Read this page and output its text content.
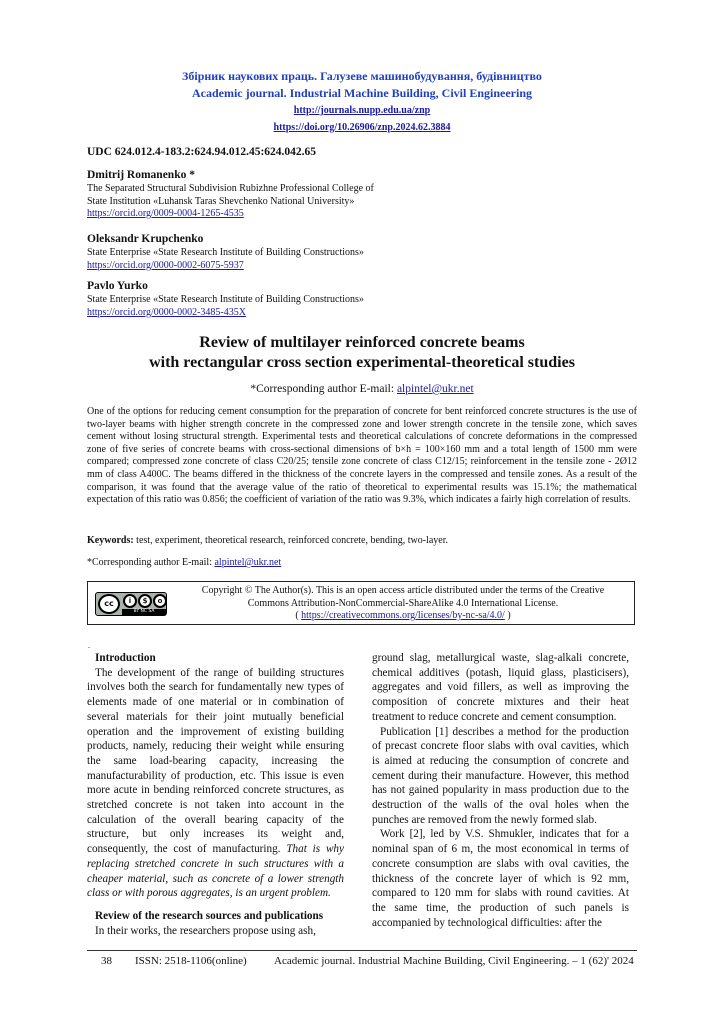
Збірник наукових праць. Галузеве машинобудування, будівництво
Academic journal. Industrial Machine Building, Civil Engineering
http://journals.nupp.edu.ua/znp
https://doi.org/10.26906/znp.2024.62.3884
UDC 624.012.4-183.2:624.94.012.45:624.042.65
Dmitrij Romanenko *
The Separated Structural Subdivision Rubizhne Professional College of
State Institution «Luhansk Taras Shevchenko National University»
https://orcid.org/0009-0004-1265-4535
Oleksandr Krupchenko
State Enterprise «State Research Institute of Building Constructions»
https://orcid.org/0000-0002-6075-5937
Pavlo Yurko
State Enterprise «State Research Institute of Building Constructions»
https://orcid.org/0000-0002-3485-435X
Review of multilayer reinforced concrete beams
with rectangular cross section experimental-theoretical studies
*Corresponding author E-mail: alpintel@ukr.net
One of the options for reducing cement consumption for the preparation of concrete for bent reinforced concrete structures is the use of two-layer beams with higher strength concrete in the compressed zone and lower strength concrete in the tensile zone, which saves cement without losing structural strength. Experimental tests and theoretical calculations of concrete deformations in the compressed zone of five series of concrete beams with cross-sectional dimensions of b×h = 100×160 mm and a total length of 1500 mm were compared; compressed zone concrete of class C20/25; tensile zone concrete of class C12/15; reinforcement in the tensile zone - 2Ø12 mm of class A400C. The beams differed in the thickness of the concrete layers in the compressed and tensile zones. As a result of the comparison, it was found that the average value of the ratio of theoretical to experimental results was 15.1%; the mathematical expectation of this ratio was 0.856; the coefficient of variation of the ratio was 9.3%, which indicates a fairly high correlation of results.
Keywords: test, experiment, theoretical research, reinforced concrete, bending, two-layer.
*Corresponding author E-mail: alpintel@ukr.net
cc	i	$	o
BY NC SA
Copyright © The Author(s). This is an open access article distributed under the terms of the Creative
Commons Attribution-NonCommercial-ShareAlike 4.0 International License.
( https://creativecommons.org/licenses/by-nc-sa/4.0/ )
.
Introduction

The development of the range of building structures involves both the search for fundamentally new types of elements made of one material or in combination of several materials for their joint mutually beneficial operation and the improvement of existing building products, namely, reducing their weight while ensuring the same load-bearing capacity, increasing the manufacturability of production, etc. This issue is even more acute in bending reinforced concrete structures, as stretched concrete is not taken into account in the calculation of the overall bearing capacity of the structure, but only increases its weight and, consequently, the cost of manufacturing. That is why replacing stretched concrete in such structures with a cheaper material, such as concrete of a lower strength class or with porous aggregates, is an urgent problem.

Review of the research sources and publications

In their works, the researchers propose using ash,

ground slag, metallurgical waste, slag-alkali concrete, chemical additives (potash, liquid glass, plasticisers), aggregates and void fillers, as well as improving the composition of concrete mixtures and their heat treatment to reduce concrete and cement consumption.

Publication [1] describes a method for the production of precast concrete floor slabs with oval cavities, which is aimed at reducing the consumption of concrete and cement during their manufacture. However, this method has not gained popularity in mass production due to the destruction of the walls of the oval holes when the punches are removed from the newly formed slab.

Work [2], led by V.S. Shmukler, indicates that for a nominal span of 6 m, the most economical in terms of concrete consumption are slabs with oval cavities, the thickness of the concrete layer of which is 92 mm, compared to 120 mm for slabs with round cavities. At the same time, the production of such panels is accompanied by technological difficulties: after the

38 ISSN: 2518-1106(online) Academic journal. Industrial Machine Building, Civil Engineering. – 1 (62)' 2024
